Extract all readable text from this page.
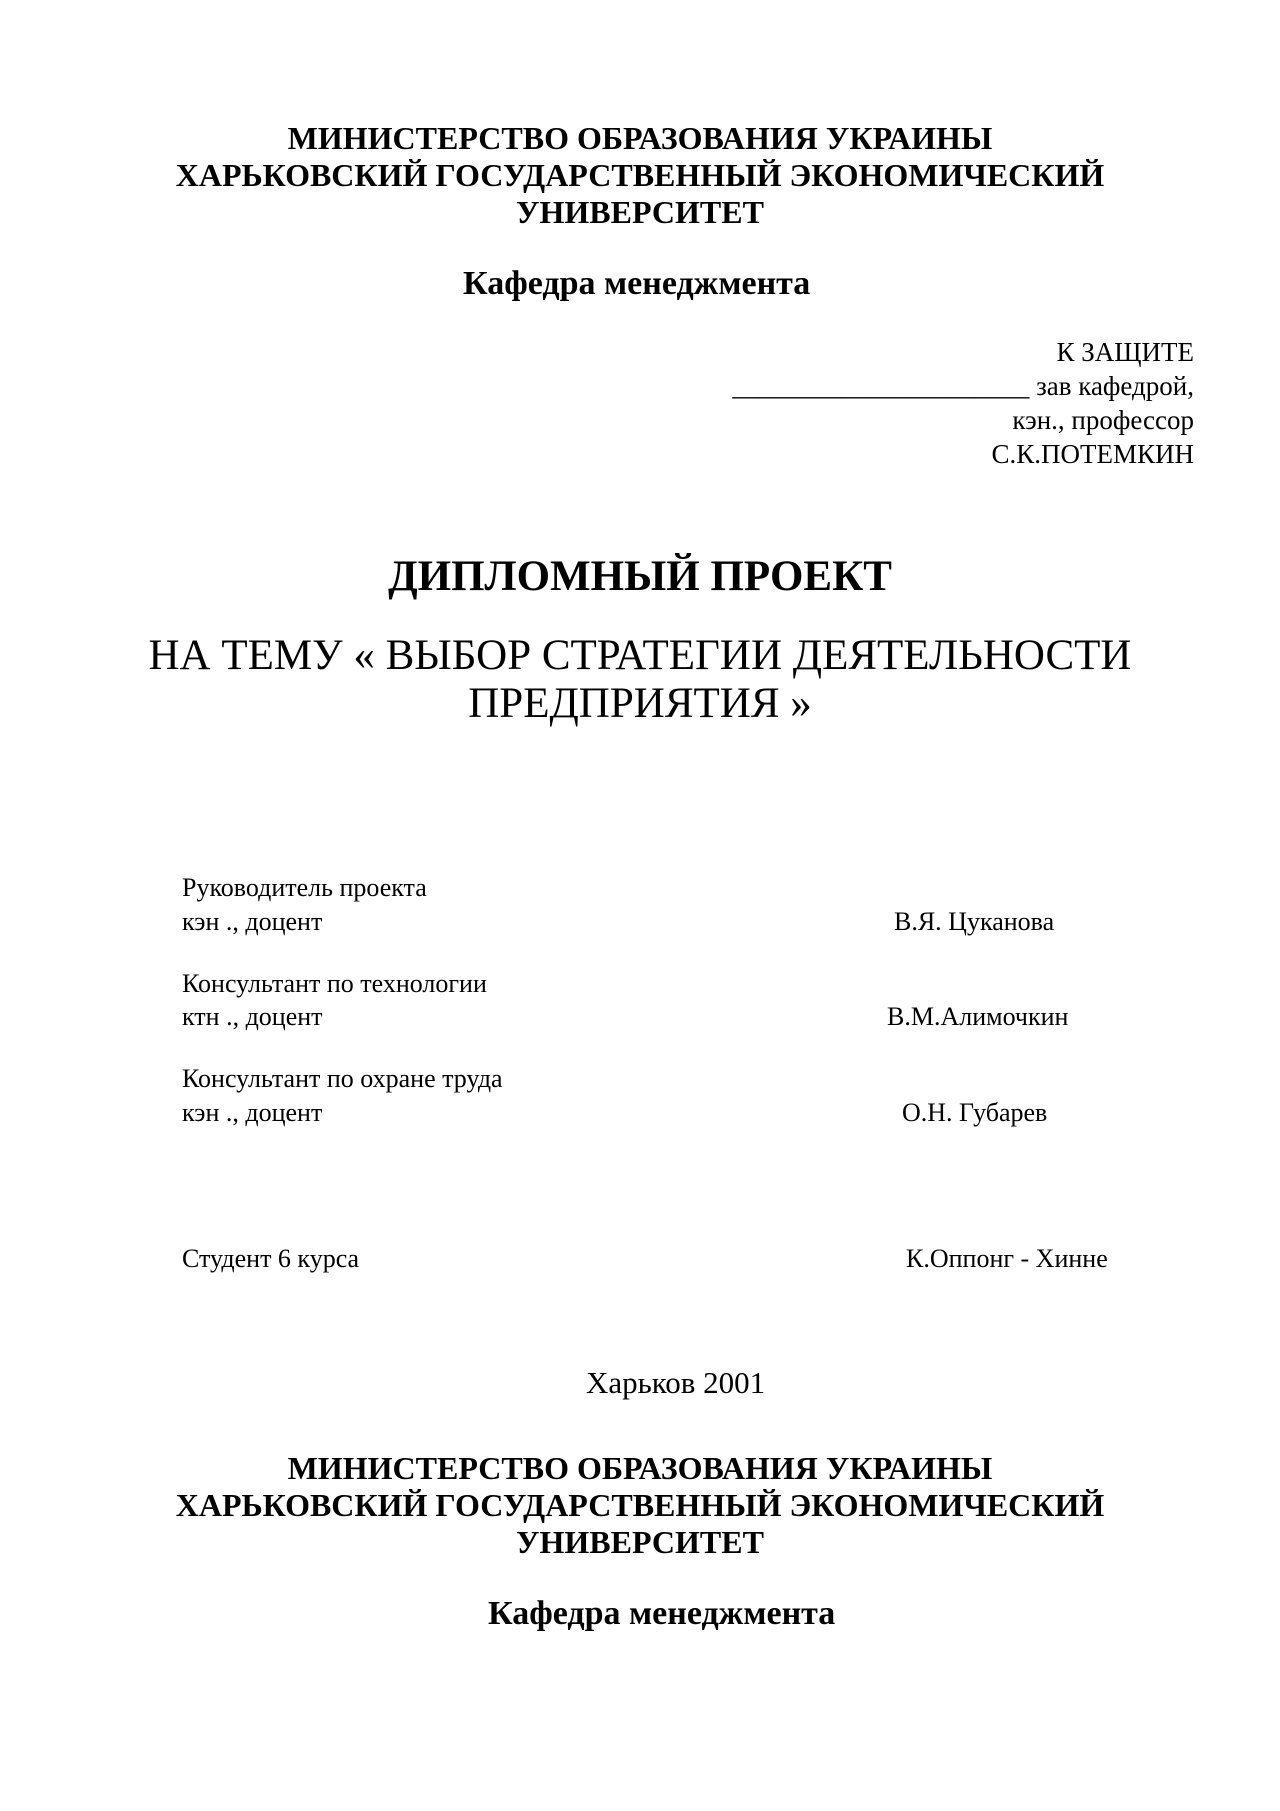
МИНИСТЕРСТВО ОБРАЗОВАНИЯ УКРАИНЫ
ХАРЬКОВСКИЙ ГОСУДАРСТВЕННЫЙ ЭКОНОМИЧЕСКИЙ
УНИВЕРСИТЕТ
Кафедра менеджмента
К ЗАЩИТЕ
______________________ зав кафедрой,
кэн., профессор
С.К.ПОТЕМКИН
ДИПЛОМНЫЙ ПРОЕКТ
НА ТЕМУ « ВЫБОР СТРАТЕГИИ ДЕЯТЕЛЬНОСТИ
ПРЕДПРИЯТИЯ »
Руководитель проекта
кэн ., доцент	В.Я. Цуканова
Консультант по технологии
ктн ., доцент	В.М.Алимочкин
Консультант по охране труда
кэн ., доцент	О.Н. Губарев
Студент 6 курса	К.Оппонг - Хинне
Харьков 2001
МИНИСТЕРСТВО ОБРАЗОВАНИЯ УКРАИНЫ
ХАРЬКОВСКИЙ ГОСУДАРСТВЕННЫЙ ЭКОНОМИЧЕСКИЙ
УНИВЕРСИТЕТ
Кафедра менеджмента
